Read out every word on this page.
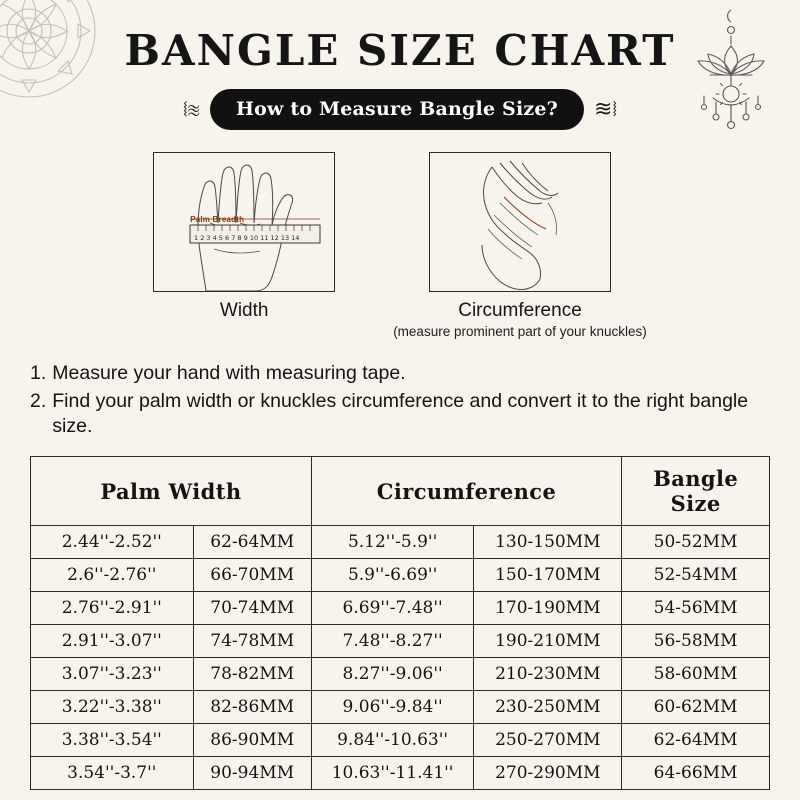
BANGLE SIZE CHART
⧙≋	How to Measure Bangle Size?	≋⧘
1 2 3 4 5 6 7 8 9 10 11 12 13 14
Palm Breadth
Width	Circumference
(measure prominent part of your knuckles)
1. Measure your hand with measuring tape.
2. Find your palm width or knuckles circumference and convert it to the right bangle size.
Palm Width		Circumference		Bangle Size
2.44''-2.52''	62-64MM	5.12''-5.9''	130-150MM	50-52MM
2.6''-2.76''	66-70MM	5.9''-6.69''	150-170MM	52-54MM
2.76''-2.91''	70-74MM	6.69''-7.48''	170-190MM	54-56MM
2.91''-3.07''	74-78MM	7.48''-8.27''	190-210MM	56-58MM
3.07''-3.23''	78-82MM	8.27''-9.06''	210-230MM	58-60MM
3.22''-3.38''	82-86MM	9.06''-9.84''	230-250MM	60-62MM
3.38''-3.54''	86-90MM	9.84''-10.63''	250-270MM	62-64MM
3.54''-3.7''	90-94MM	10.63''-11.41''	270-290MM	64-66MM
